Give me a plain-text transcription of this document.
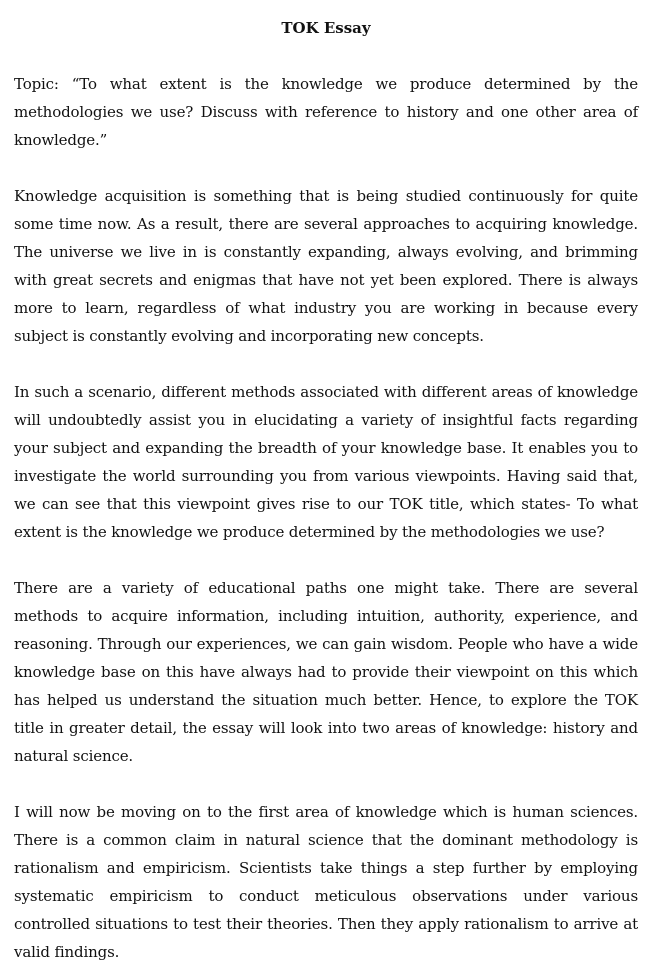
TOK Essay

Topic: “To what extent is the knowledge we produce determined by the methodologies we use? Discuss with reference to history and one other area of knowledge.”

Knowledge acquisition is something that is being studied continuously for quite some time now. As a result, there are several approaches to acquiring knowledge. The universe we live in is constantly expanding, always evolving, and brimming with great secrets and enigmas that have not yet been explored. There is always more to learn, regardless of what industry you are working in because every subject is constantly evolving and incorporating new concepts.

In such a scenario, different methods associated with different areas of knowledge will undoubtedly assist you in elucidating a variety of insightful facts regarding your subject and expanding the breadth of your knowledge base. It enables you to investigate the world surrounding you from various viewpoints. Having said that, we can see that this viewpoint gives rise to our TOK title, which states- To what extent is the knowledge we produce determined by the methodologies we use?

There are a variety of educational paths one might take. There are several methods to acquire information, including intuition, authority, experience, and reasoning. Through our experiences, we can gain wisdom. People who have a wide knowledge base on this have always had to provide their viewpoint on this which has helped us understand the situation much better. Hence, to explore the TOK title in greater detail, the essay will look into two areas of knowledge: history and natural science.

I will now be moving on to the first area of knowledge which is human sciences. There is a common claim in natural science that the dominant methodology is rationalism and empiricism. Scientists take things a step further by employing systematic empiricism to conduct meticulous observations under various controlled situations to test their theories. Then they apply rationalism to arrive at valid findings.
